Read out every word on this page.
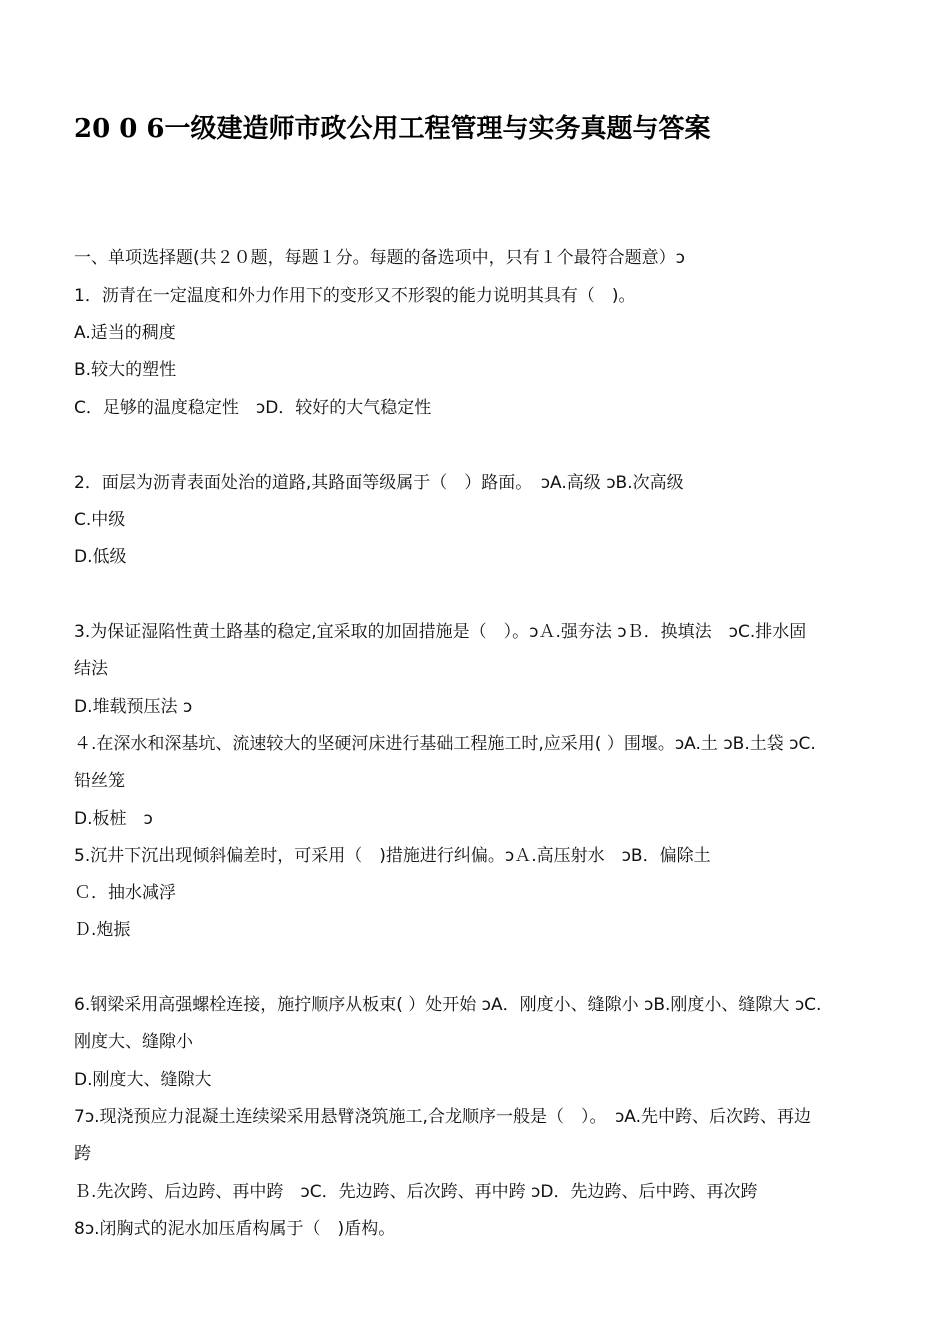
20 0 6一级建造师市政公用工程管理与实务真题与答案
一、单项选择题(共２０题，每题１分。每题的备选项中，只有１个最符合题意）ↄ
1．沥青在一定温度和外力作用下的变形又不形裂的能力说明其具有（　)。
A.适当的稠度
B.较大的塑性
C．足够的温度稳定性　ↄD．较好的大气稳定性
2．面层为沥青表面处治的道路,其路面等级属于（　）路面。　ↄA.高级 ↄB.次高级
C.中级
D.低级
3.为保证湿陷性黄土路基的稳定,宜采取的加固措施是（　）。ↄＡ.强夯法 ↄＢ．换填法　ↄC.排水固
结法
D.堆载预压法 ↄ
４.在深水和深基坑、流速较大的坚硬河床进行基础工程施工时,应采用( ）围堰。ↄA.土 ↄB.土袋 ↄC.
铅丝笼
D.板桩　ↄ
5.沉井下沉出现倾斜偏差时，可采用（　)措施进行纠偏。ↄＡ.高压射水　ↄB．偏除土
Ｃ．抽水减浮
Ｄ.炮振
6.钢梁采用高强螺栓连接，施拧顺序从板束( ）处开始 ↄA．刚度小、缝隙小 ↄB.刚度小、缝隙大 ↄC.
刚度大、缝隙小
D.刚度大、缝隙大
7ↄ.现浇预应力混凝土连续梁采用悬臂浇筑施工,合龙顺序一般是（　）。　ↄA.先中跨、后次跨、再边
跨
Ｂ.先次跨、后边跨、再中跨　ↄC．先边跨、后次跨、再中跨 ↄD．先边跨、后中跨、再次跨
8ↄ.闭胸式的泥水加压盾构属于（　)盾构。
